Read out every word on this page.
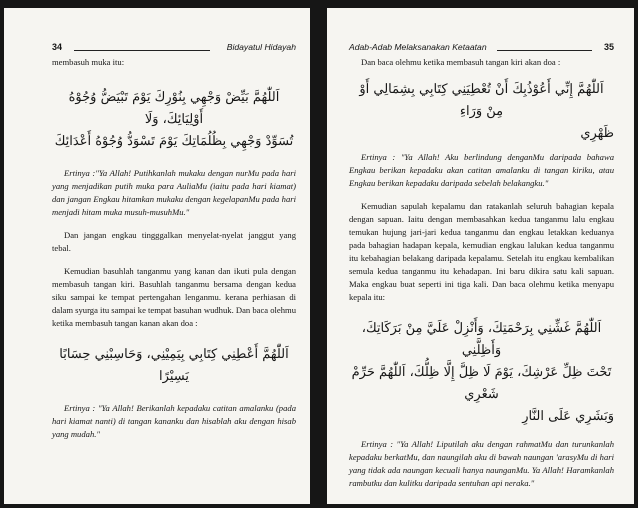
34	Bidayatul Hidayah

membasuh muka itu:

اَللّٰهُمَّ بَيِّضْ وَجْهِي بِنُوْرِكَ يَوْمَ تَبْيَضُّ وُجُوْهُ أَوْلِيَائِكَ، وَلَا

تُسَوِّدْ وَجْهِي بِظُلُمَاتِكَ يَوْمَ تَسْوَدُّ وُجُوْهُ أَعْدَائِكَ

Ertinya :"Ya Allah! Putihkanlah mukaku dengan nurMu pada hari yang menjadikan putih muka para AuliaMu (iaitu pada hari kiamat) dan jangan Engkau hitamkan mukaku dengan kegelapanMu pada hari menjadi hitam muka musuh-musuhMu."

Dan jangan engkau tingggalkan menyelat-nyelat janggut yang tebal.

Kemudian basuhlah tanganmu yang kanan dan ikuti pula dengan membasuh tangan kiri. Basuhlah tanganmu bersama dengan kedua siku sampai ke tempat pertengahan lenganmu. kerana perhiasan di dalam syurga itu sampai ke tempat basuhan wudhuk. Dan baca olehmu ketika membasuh tangan kanan akan doa :

اَللّٰهُمَّ أَعْطِنِي كِتَابِي بِيَمِيْنِي، وَحَاسِبْنِي حِسَابًا يَسِيْرًا

Ertinya : "Ya Allah! Berikanlah kepadaku catitan amalanku (pada hari kiamat nanti) di tangan kananku dan hisablah aku dengan hisab yang mudah."

Adab-Adab Melaksanakan Ketaatan	35

Dan baca olehmu ketika membasuh tangan kiri akan doa :

اَللّٰهُمَّ إِنِّي أَعُوْذُبِكَ أَنْ تُعْطِيَنِي كِتَابِي بِشِمَالِي أَوْ مِنْ وَرَاءِ

ظَهْرِي

Ertinya : "Ya Allah! Aku berlindung denganMu daripada bahawa Engkau berikan kepadaku akan catitan amalanku di tangan kiriku, atau Engkau berikan kepadaku daripada sebelah belakangku."

Kemudian sapulah kepalamu dan ratakanlah seluruh bahagian kepala dengan sapuan. Iaitu dengan membasahkan kedua tanganmu lalu engkau temukan hujung jari-jari kedua tanganmu dan engkau letakkan keduanya pada bahagian hadapan kepala, kemudian engkau lalukan kedua tanganmu itu kebahagian belakang daripada kepalamu. Setelah itu engkau kembalikan semula kedua tanganmu itu kehadapan. Ini baru dikira satu kali sapuan. Maka engkau buat seperti ini tiga kali. Dan baca olehmu ketika menyapu kepala itu:

اَللّٰهُمَّ غَشِّنِي بِرَحْمَتِكَ، وَأَنْزِلْ عَلَيَّ مِنْ بَرَكَاتِكَ، وَأَظِلَّنِي

تَحْتَ ظِلِّ عَرْشِكَ، يَوْمَ لَا ظِلَّ إِلَّا ظِلُّكَ، اَللّٰهُمَّ حَرِّمْ شَعْرِي

وَبَشَرِي عَلَى النَّارِ

Ertinya : "Ya Allah! Liputilah aku dengan rahmatMu dan turunkanlah kepadaku berkatMu, dan naungilah aku di bawah naungan 'arasyMu di hari yang tidak ada naungan kecuali hanya naunganMu. Ya Allah! Haramkanlah rambutku dan kulitku daripada sentuhan api neraka."
